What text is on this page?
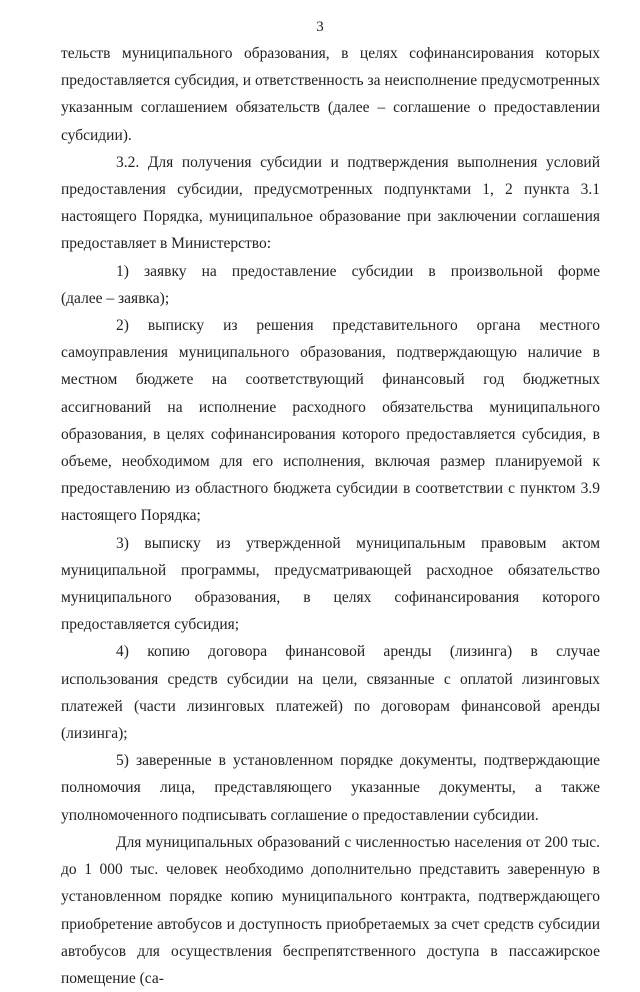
3

тельств муниципального образования, в целях софинансирования которых предоставляется субсидия, и ответственность за неисполнение предусмотренных указанным соглашением обязательств (далее – соглашение о предоставлении субсидии).

3.2. Для получения субсидии и подтверждения выполнения условий предоставления субсидии, предусмотренных подпунктами 1, 2 пункта 3.1 настоящего Порядка, муниципальное образование при заключении соглашения предоставляет в Министерство:

1) заявку на предоставление субсидии в произвольной форме

(далее – заявка);

2) выписку из решения представительного органа местного самоуправления муниципального образования, подтверждающую наличие в местном бюджете на соответствующий финансовый год бюджетных ассигнований на исполнение расходного обязательства муниципального образования, в целях софинансирования которого предоставляется субсидия, в объеме, необходимом для его исполнения, включая размер планируемой к предоставлению из областного бюджета субсидии в соответствии с пунктом 3.9 настоящего Порядка;

3) выписку из утвержденной муниципальным правовым актом муниципальной программы, предусматривающей расходное обязательство муниципального образования, в целях софинансирования которого предоставляется субсидия;

4) копию договора финансовой аренды (лизинга) в случае использования средств субсидии на цели, связанные с оплатой лизинговых платежей (части лизинговых платежей) по договорам финансовой аренды (лизинга);

5) заверенные в установленном порядке документы, подтверждающие полномочия лица, представляющего указанные документы, а также уполномоченного подписывать соглашение о предоставлении субсидии.

Для муниципальных образований с численностью населения от 200 тыс. до 1 000 тыс. человек необходимо дополнительно представить заверенную в установленном порядке копию муниципального контракта, подтверждающего приобретение автобусов и доступность приобретаемых за счет средств субсидии автобусов для осуществления беспрепятственного доступа в пассажирское помещение (са-
